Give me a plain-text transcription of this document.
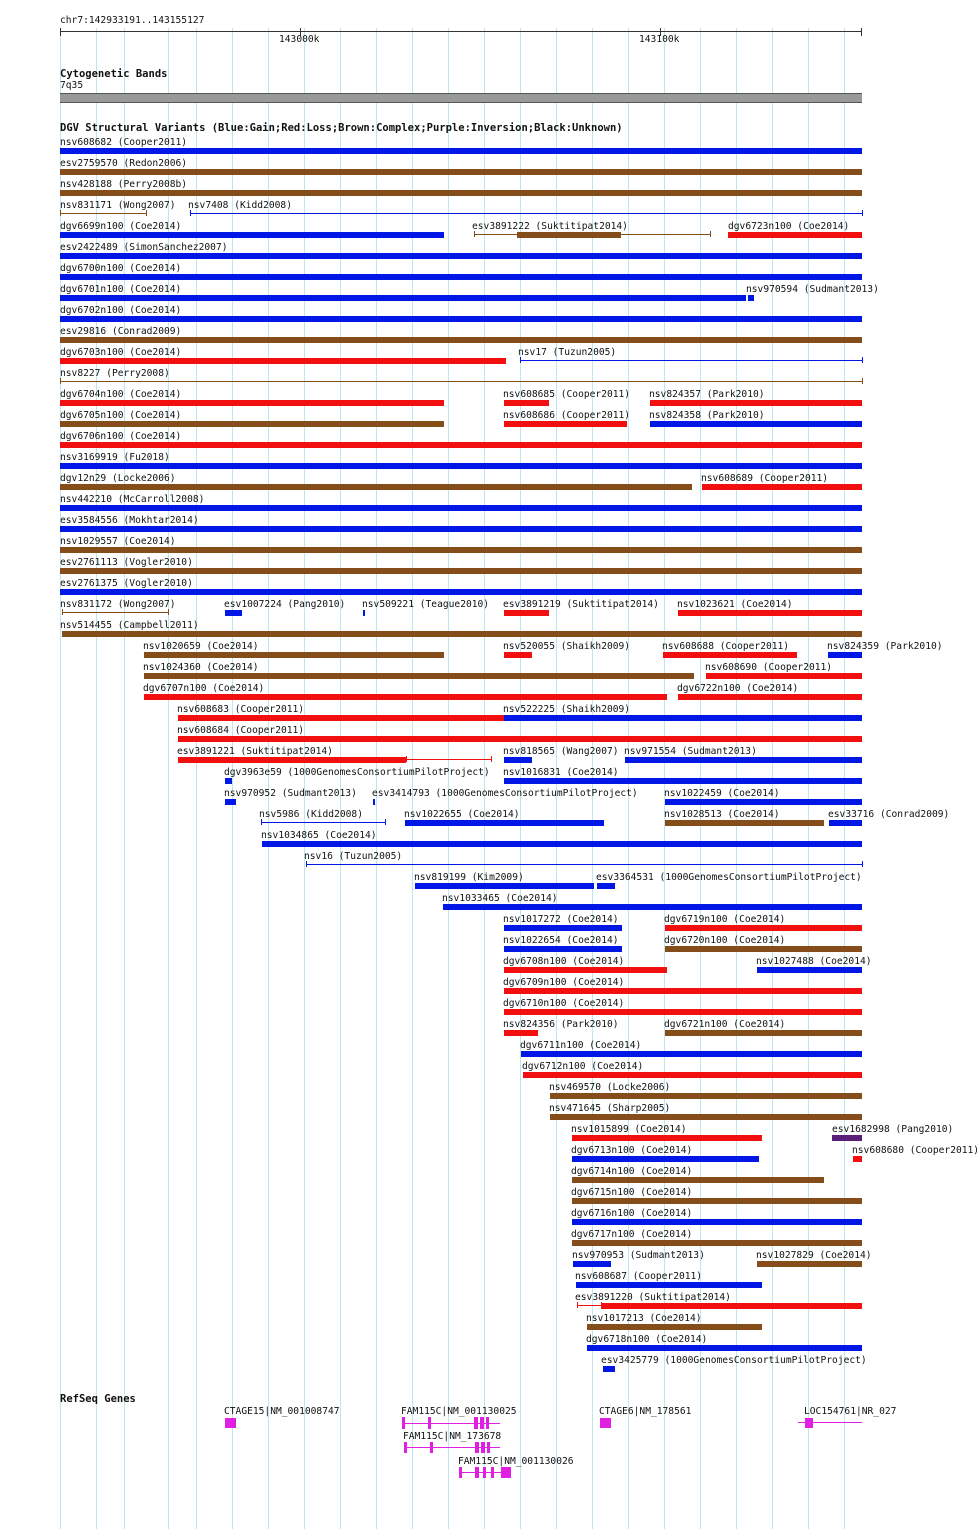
chr7:142933191..143155127
143000k	143100k
Cytogenetic Bands
7q35
DGV Structural Variants (Blue:Gain;Red:Loss;Brown:Complex;Purple:Inversion;Black:Unknown)
nsv608682 (Cooper2011)
esv2759570 (Redon2006)
nsv428188 (Perry2008b)
nsv831171 (Wong2007) nsv7408 (Kidd2008)
dgv6699n100 (Coe2014)	esv3891222 (Suktitipat2014)	dgv6723n100 (Coe2014)
esv2422489 (SimonSanchez2007)
dgv6700n100 (Coe2014)
dgv6701n100 (Coe2014)	nsv970594 (Sudmant2013)
dgv6702n100 (Coe2014)
esv29816 (Conrad2009)
dgv6703n100 (Coe2014)	nsv17 (Tuzun2005)
nsv8227 (Perry2008)
dgv6704n100 (Coe2014)	nsv608685 (Cooper2011) nsv824357 (Park2010)
dgv6705n100 (Coe2014)	nsv608686 (Cooper2011) nsv824358 (Park2010)
dgv6706n100 (Coe2014)
nsv3169919 (Fu2018)
dgv12n29 (Locke2006)	nsv608689 (Cooper2011)
nsv442210 (McCarroll2008)
esv3584556 (Mokhtar2014)
nsv1029557 (Coe2014)
esv2761113 (Vogler2010)
esv2761375 (Vogler2010)
nsv831172 (Wong2007)	esv1007224 (Pang2010) nsv509221 (Teague2010) esv3891219 (Suktitipat2014) nsv1023621 (Coe2014)
nsv514455 (Campbell2011)
nsv1020659 (Coe2014)	nsv520055 (Shaikh2009)	nsv608688 (Cooper2011)	nsv824359 (Park2010)
nsv1024360 (Coe2014)	nsv608690 (Cooper2011)
dgv6707n100 (Coe2014)	dgv6722n100 (Coe2014)
nsv608683 (Cooper2011)	nsv522225 (Shaikh2009)
nsv608684 (Cooper2011)
esv3891221 (Suktitipat2014)	nsv818565 (Wang2007) nsv971554 (Sudmant2013)
dgv3963e59 (1000GenomesConsortiumPilotProject) nsv1016831 (Coe2014)
nsv970952 (Sudmant2013) esv3414793 (1000GenomesConsortiumPilotProject)	nsv1022459 (Coe2014)
nsv5986 (Kidd2008)	nsv1022655 (Coe2014)	nsv1028513 (Coe2014)	esv33716 (Conrad2009)
nsv1034865 (Coe2014)
nsv16 (Tuzun2005)
nsv819199 (Kim2009)	esv3364531 (1000GenomesConsortiumPilotProject)
nsv1033465 (Coe2014)
nsv1017272 (Coe2014)	dgv6719n100 (Coe2014)
nsv1022654 (Coe2014)	dgv6720n100 (Coe2014)
dgv6708n100 (Coe2014)	nsv1027488 (Coe2014)
dgv6709n100 (Coe2014)
dgv6710n100 (Coe2014)
nsv824356 (Park2010)	dgv6721n100 (Coe2014)
dgv6711n100 (Coe2014)
dgv6712n100 (Coe2014)
nsv469570 (Locke2006)
nsv471645 (Sharp2005)
nsv1015899 (Coe2014)	esv1682998 (Pang2010)
dgv6713n100 (Coe2014)	nsv608680 (Cooper2011)
dgv6714n100 (Coe2014)
dgv6715n100 (Coe2014)
dgv6716n100 (Coe2014)
dgv6717n100 (Coe2014)
nsv970953 (Sudmant2013)	nsv1027829 (Coe2014)
nsv608687 (Cooper2011)
esv3891220 (Suktitipat2014)
nsv1017213 (Coe2014)
dgv6718n100 (Coe2014)
esv3425779 (1000GenomesConsortiumPilotProject)
RefSeq Genes
CTAGE15|NM_001008747	FAM115C|NM_001130025	CTAGE6|NM_178561	LOC154761|NR_027
FAM115C|NM_173678
FAM115C|NM_001130026
